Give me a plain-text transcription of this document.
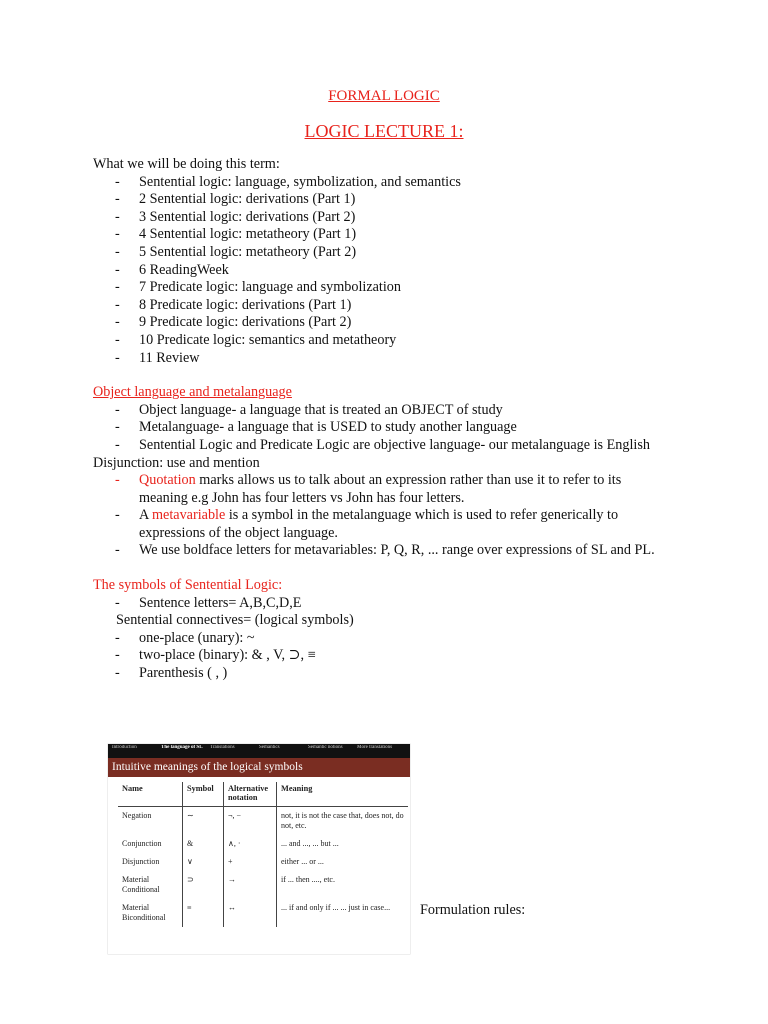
FORMAL LOGIC
LOGIC LECTURE 1:

What we will be doing this term:

- Sentential logic: language, symbolization, and semantics
- 2 Sentential logic: derivations (Part 1)
- 3 Sentential logic: derivations (Part 2)
- 4 Sentential logic: metatheory (Part 1)
- 5 Sentential logic: metatheory (Part 2)
- 6 ReadingWeek
- 7 Predicate logic: language and symbolization
- 8 Predicate logic: derivations (Part 1)
- 9 Predicate logic: derivations (Part 2)
- 10 Predicate logic: semantics and metatheory
- 11 Review

Object language and metalanguage

- Object language- a language that is treated an OBJECT of study
- Metalanguage- a language that is USED to study another language
- Sentential Logic and Predicate Logic are objective language- our metalanguage is English

Disjunction: use and mention

- Quotation marks allows us to talk about an expression rather than use it to refer to its meaning e.g John has four letters vs John has four letters.
- A metavariable is a symbol in the metalanguage which is used to refer generically to expressions of the object language.
- We use boldface letters for metavariables: P, Q, R, ... range over expressions of SL and PL.

The symbols of Sentential Logic:

- Sentence letters= A,B,C,D,E

Sentential connectives= (logical symbols)

- one-place (unary): ~
- two-place (binary): & , V, ⊃, ≡
- Parenthesis ( , )
Introduction	The language of SL	Translations	Semantics	Semantic notions	More translations
Intuitive meanings of the logical symbols
Name	Symbol	Alternative notation	Meaning
Negation	∼	¬, −	not, it is not the case that, does not, do not, etc.
Conjunction	&	∧, ·	... and ..., ... but ...
Disjunction	∨	+	either ... or ...
Material Conditional	⊃	→	if ... then ...., etc.
Material Biconditional	≡	↔	... if and only if ... ... just in case... Formulation rules:
